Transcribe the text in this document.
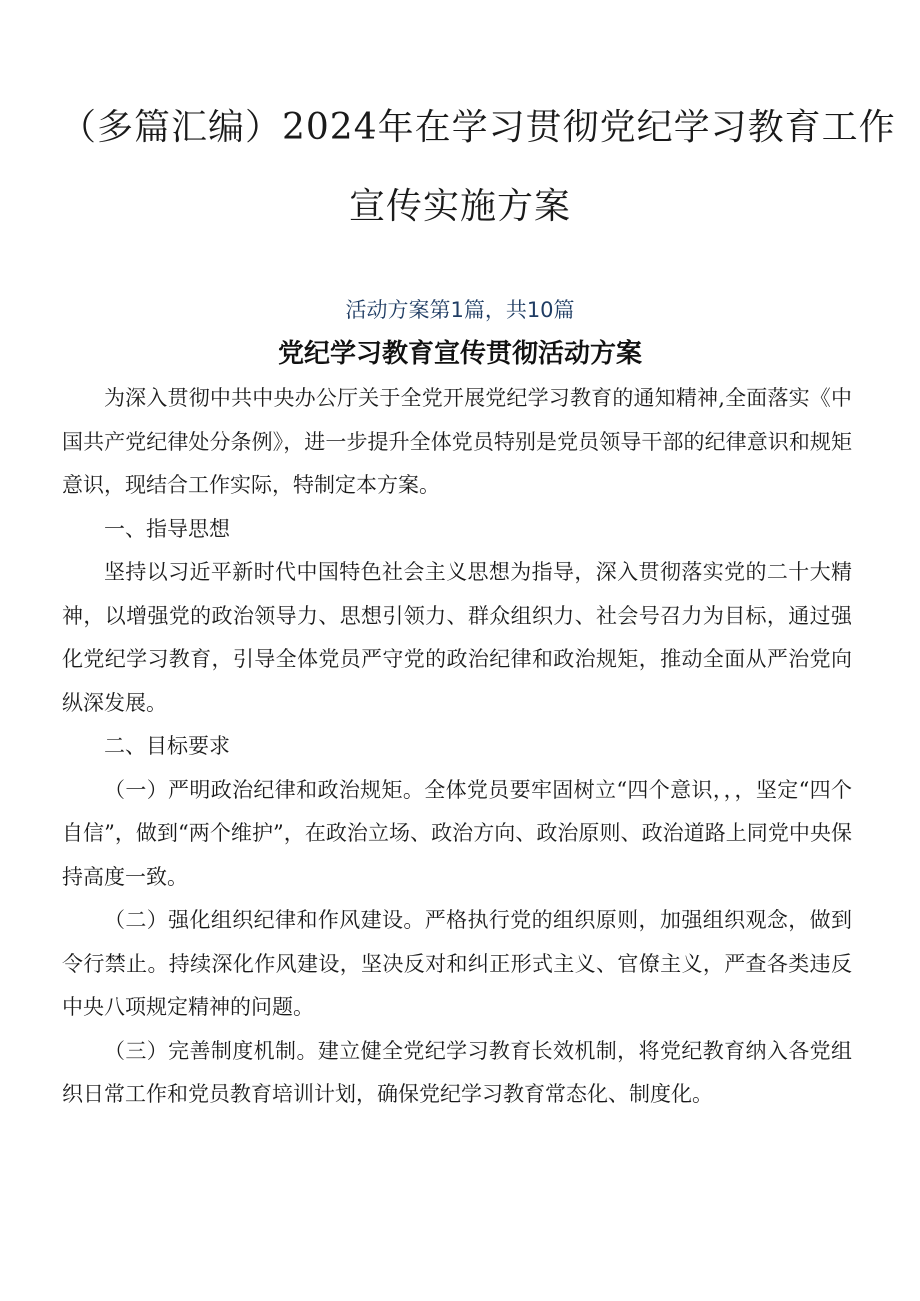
（多篇汇编）2024年在学习贯彻党纪学习教育工作
宣传实施方案
活动方案第1篇，共10篇
党纪学习教育宣传贯彻活动方案

为深入贯彻中共中央办公厅关于全党开展党纪学习教育的通知精神,全面落实《中国共产党纪律处分条例》，进一步提升全体党员特别是党员领导干部的纪律意识和规矩意识，现结合工作实际，特制定本方案。

一、指导思想

坚持以习近平新时代中国特色社会主义思想为指导，深入贯彻落实党的二十大精神，以增强党的政治领导力、思想引领力、群众组织力、社会号召力为目标，通过强化党纪学习教育，引导全体党员严守党的政治纪律和政治规矩，推动全面从严治党向纵深发展。

二、目标要求

（一）严明政治纪律和政治规矩。全体党员要牢固树立“四个意识，，，坚定“四个自信”，做到“两个维护”，在政治立场、政治方向、政治原则、政治道路上同党中央保持高度一致。

（二）强化组织纪律和作风建设。严格执行党的组织原则，加强组织观念，做到令行禁止。持续深化作风建设，坚决反对和纠正形式主义、官僚主义，严查各类违反中央八项规定精神的问题。

（三）完善制度机制。建立健全党纪学习教育长效机制，将党纪教育纳入各党组织日常工作和党员教育培训计划，确保党纪学习教育常态化、制度化。
